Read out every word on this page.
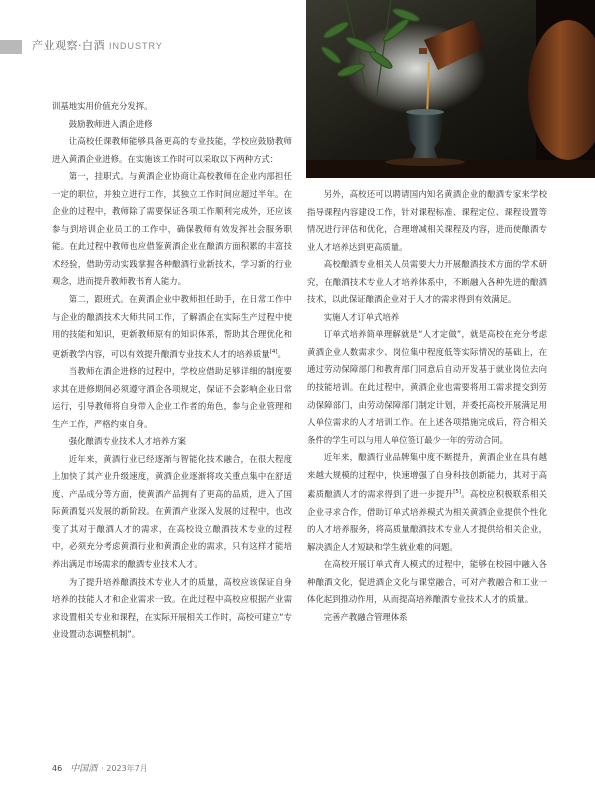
产业观察·白酒 INDUSTRY

训基地实用价值充分发挥。

鼓励教师进入酒企进修

让高校任课教师能够具备更高的专业技能，学校应鼓励教师进入黄酒企业进修。在实施该工作时可以采取以下两种方式：

第一，挂职式。与黄酒企业协商让高校教师在企业内部担任一定的职位，并独立进行工作，其独立工作时间应超过半年。在企业的过程中，教师除了需要保证各项工作顺利完成外，还应该参与到培训企业员工的工作中，确保教师有效发挥社会服务职能。在此过程中教师也应借鉴黄酒企业在酿酒方面积累的丰富技术经验，借助劳动实践掌握各种酿酒行业新技术，学习新的行业观念，进而提升教师教书育人能力。

第二，跟班式。在黄酒企业中教师担任助手，在日常工作中与企业的酿酒技术大师共同工作，了解酒企在实际生产过程中使用的技能和知识，更新教师原有的知识体系，帮助其合理优化和更新教学内容，可以有效提升酿酒专业技术人才的培养质量[4]。

当教师在酒企进修的过程中，学校应借助足够详细的制度要求其在进修期间必须遵守酒企各项规定，保证不会影响企业日常运行，引导教师将自身带入企业工作者的角色，参与企业管理和生产工作，严格约束自身。

强化酿酒专业技术人才培养方案

近年来，黄酒行业已经逐渐与智能化技术融合，在很大程度上加快了其产业升级速度，黄酒企业逐渐将攻关重点集中在舒适度、产品成分等方面，使黄酒产品拥有了更高的品质，进入了国际黄酒复兴发展的新阶段。在黄酒产业深入发展的过程中，也改变了其对于酿酒人才的需求，在高校设立酿酒技术专业的过程中，必须充分考虑黄酒行业和黄酒企业的需求，只有这样才能培养出满足市场需求的酿酒专业技术人才。

为了提升培养酿酒技术专业人才的质量，高校应该保证自身培养的技能人才和企业需求一致。在此过程中高校应根据产业需求设置相关专业和课程，在实际开展相关工作时，高校可建立“专业设置动态调整机制”。

另外，高校还可以聘请国内知名黄酒企业的酿酒专家来学校指导课程内容建设工作，针对课程标准、课程定位、课程设置等情况进行评估和优化，合理增减相关课程及内容，进而使酿酒专业人才培养达到更高质量。

高校酿酒专业相关人员需要大力开展酿酒技术方面的学术研究，在酿酒技术专业人才培养体系中，不断融入各种先进的酿酒技术，以此保证酿酒企业对于人才的需求得到有效满足。

实施人才订单式培养

订单式培养简单理解就是“人才定做”，就是高校在充分考虑黄酒企业人数需求少、岗位集中程度低等实际情况的基础上，在通过劳动保障部门和教育部门同意后自动开发基于就业岗位去向的技能培训。在此过程中，黄酒企业也需要将用工需求提交到劳动保障部门，由劳动保障部门制定计划，并委托高校开展满足用人单位需求的人才培训工作。在上述各项措施完成后，符合相关条件的学生可以与用人单位签订最少一年的劳动合同。

近年来，酿酒行业品牌集中度不断提升，黄酒企业在具有越来越大规模的过程中，快速增强了自身科技创新能力，其对于高素质酿酒人才的需求得到了进一步提升[5]。高校应积极联系相关企业寻求合作，借助订单式培养模式为相关黄酒企业提供个性化的人才培养服务，将高质量酿酒技术专业人才提供给相关企业，解决酒企人才短缺和学生就业难的问题。

在高校开展订单式育人模式的过程中，能够在校园中融入各种酿酒文化，促进酒企文化与课堂融合，可对产教融合和工业一体化起到推动作用，从而提高培养酿酒专业技术人才的质量。

完善产教融合管理体系

46 中国酒 · 2023年7月
